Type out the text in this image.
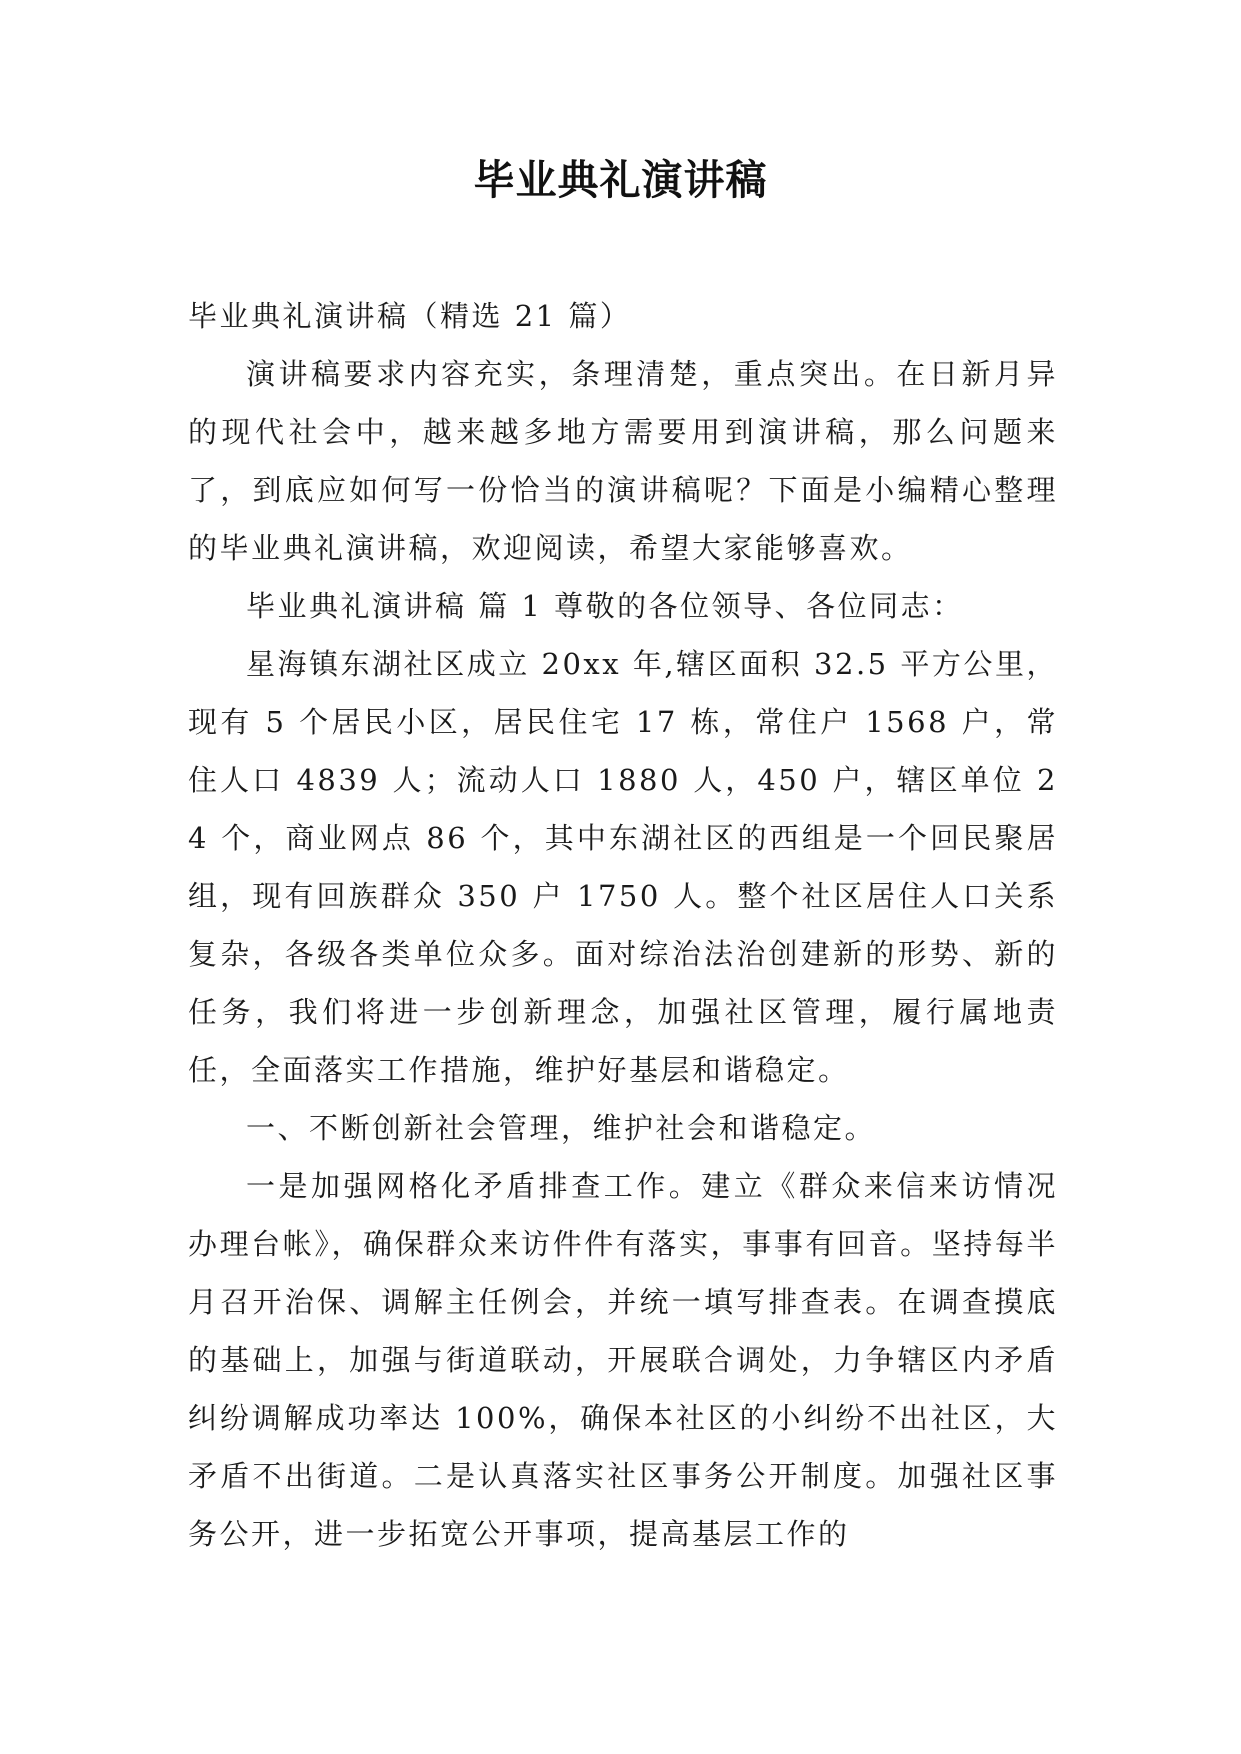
毕业典礼演讲稿

毕业典礼演讲稿（精选 21 篇）

演讲稿要求内容充实，条理清楚，重点突出。在日新月异的现代社会中，越来越多地方需要用到演讲稿，那么问题来了，到底应如何写一份恰当的演讲稿呢？下面是小编精心整理的毕业典礼演讲稿，欢迎阅读，希望大家能够喜欢。

毕业典礼演讲稿 篇 1 尊敬的各位领导、各位同志：

星海镇东湖社区成立 20xx 年,辖区面积 32.5 平方公里，现有 5 个居民小区，居民住宅 17 栋，常住户 1568 户，常住人口 4839 人；流动人口 1880 人，450 户，辖区单位 24 个，商业网点 86 个，其中东湖社区的西组是一个回民聚居组，现有回族群众 350 户 1750 人。整个社区居住人口关系复杂，各级各类单位众多。面对综治法治创建新的形势、新的任务，我们将进一步创新理念，加强社区管理，履行属地责任，全面落实工作措施，维护好基层和谐稳定。

一、不断创新社会管理，维护社会和谐稳定。

一是加强网格化矛盾排查工作。建立《群众来信来访情况办理台帐》，确保群众来访件件有落实，事事有回音。坚持每半月召开治保、调解主任例会，并统一填写排查表。在调查摸底的基础上，加强与街道联动，开展联合调处，力争辖区内矛盾纠纷调解成功率达 100%，确保本社区的小纠纷不出社区，大矛盾不出街道。二是认真落实社区事务公开制度。加强社区事务公开，进一步拓宽公开事项，提高基层工作的
